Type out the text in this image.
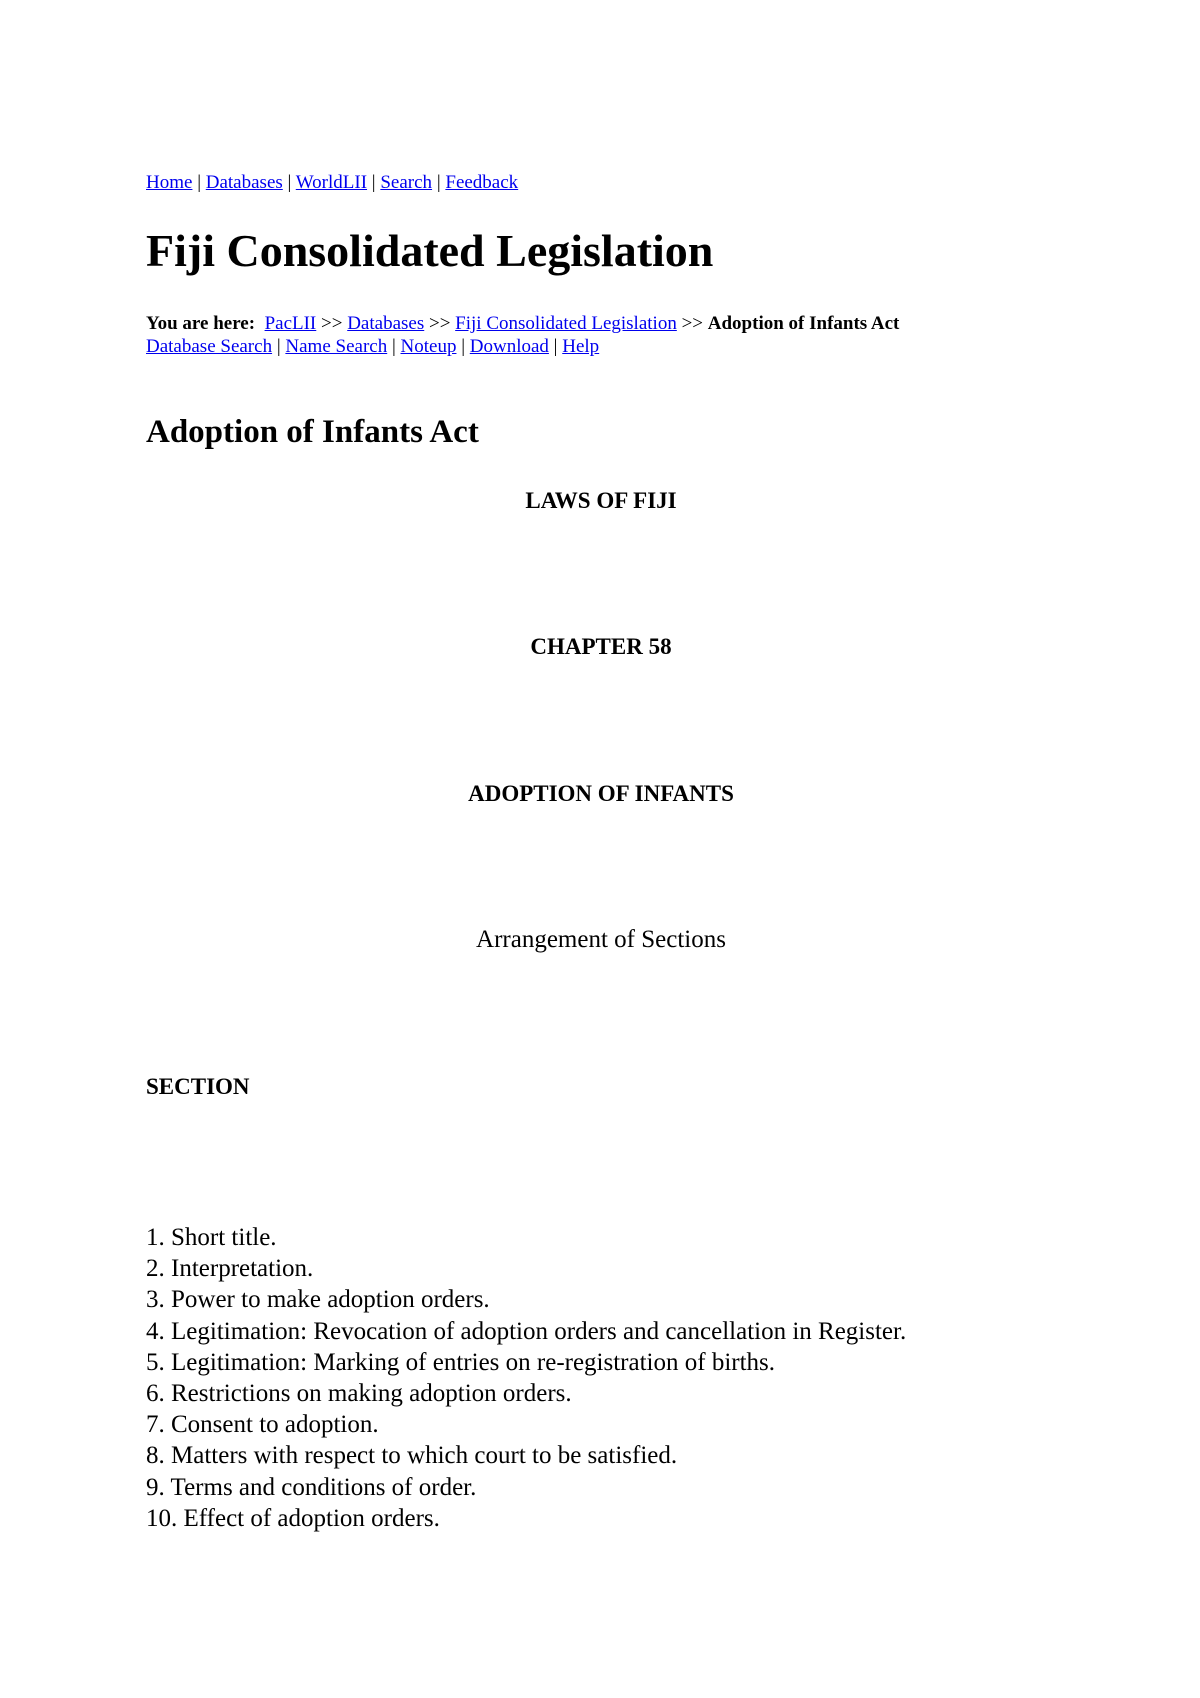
Home | Databases | WorldLII | Search | Feedback
Fiji Consolidated Legislation
You are here: PacLII >> Databases >> Fiji Consolidated Legislation >> Adoption of Infants Act
Database Search | Name Search | Noteup | Download | Help
Adoption of Infants Act
LAWS OF FIJI
CHAPTER 58
ADOPTION OF INFANTS
Arrangement of Sections
SECTION
1. Short title.
2. Interpretation.
3. Power to make adoption orders.
4. Legitimation: Revocation of adoption orders and cancellation in Register.
5. Legitimation: Marking of entries on re-registration of births.
6. Restrictions on making adoption orders.
7. Consent to adoption.
8. Matters with respect to which court to be satisfied.
9. Terms and conditions of order.
10. Effect of adoption orders.
